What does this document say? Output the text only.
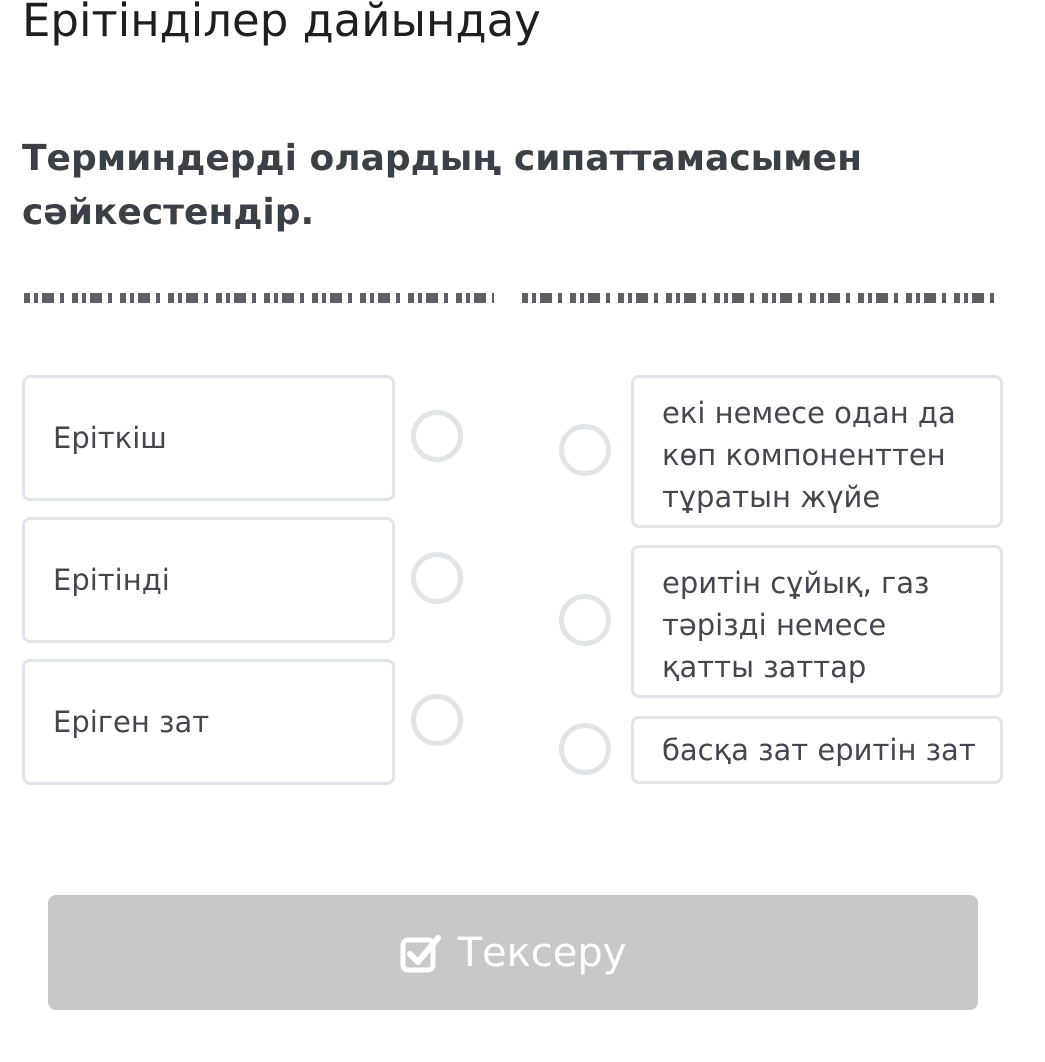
Ерітінділер дайындау
Терминдерді олардың сипаттамасымен сәйкестендір.
Еріткіш
Ерітінді
Еріген зат
екі немесе одан да көп компоненттен тұратын жүйе
еритін сұйық, газ тәрізді немесе қатты заттар
басқа зат еритін зат
Тексеру
